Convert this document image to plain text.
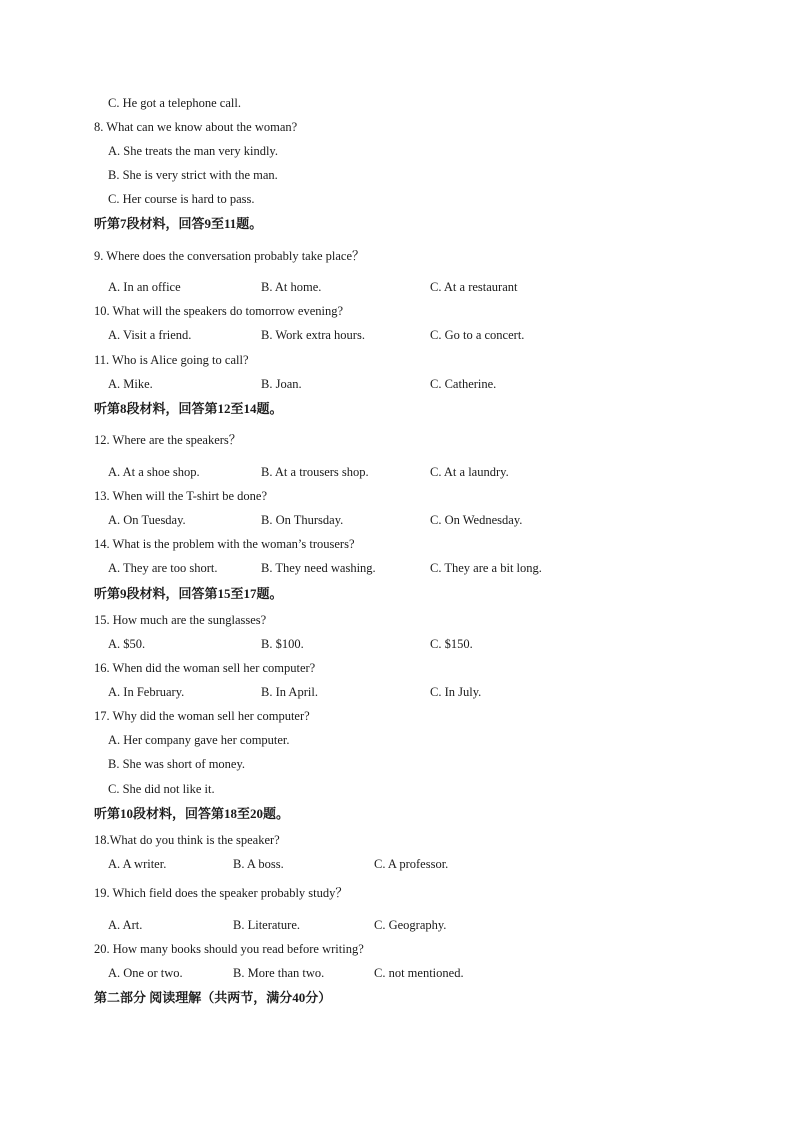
C. He got a telephone call.
8. What can we know about the woman?
A. She treats the man very kindly.
B. She is very strict with the man.
C. Her course is hard to pass.
听第7段材料，回答9至11题。
9. Where does the conversation probably take place？
A. In an office	B. At home.	C. At a restaurant
10. What will the speakers do tomorrow evening?
A. Visit a friend.	B. Work extra hours.	C. Go to a concert.
11. Who is Alice going to call?
A. Mike.	B. Joan.	C. Catherine.
听第8段材料，回答第12至14题。
12. Where are the speakers？
A. At a shoe shop.	B. At a trousers shop.	C. At a laundry.
13. When will the T-shirt be done?
A. On Tuesday.	B. On Thursday.	C. On Wednesday.
14. What is the problem with the woman’s trousers?
A. They are too short.	B. They need washing.	C. They are a bit long.
听第9段材料，回答第15至17题。
15. How much are the sunglasses?
A. $50.	B. $100.	C. $150.
16. When did the woman sell her computer?
A. In February.	B. In April.	C. In July.
17. Why did the woman sell her computer?
A. Her company gave her computer.
B. She was short of money.
C. She did not like it.
听第10段材料，回答第18至20题。
18.What do you think is the speaker?
A. A writer.	B. A boss.	C. A professor.
19. Which field does the speaker probably study？
A. Art.	B. Literature.	C. Geography.
20. How many books should you read before writing?
A. One or two.	B. More than two.	C. not mentioned.
第二部分 阅读理解（共两节，满分40分）
